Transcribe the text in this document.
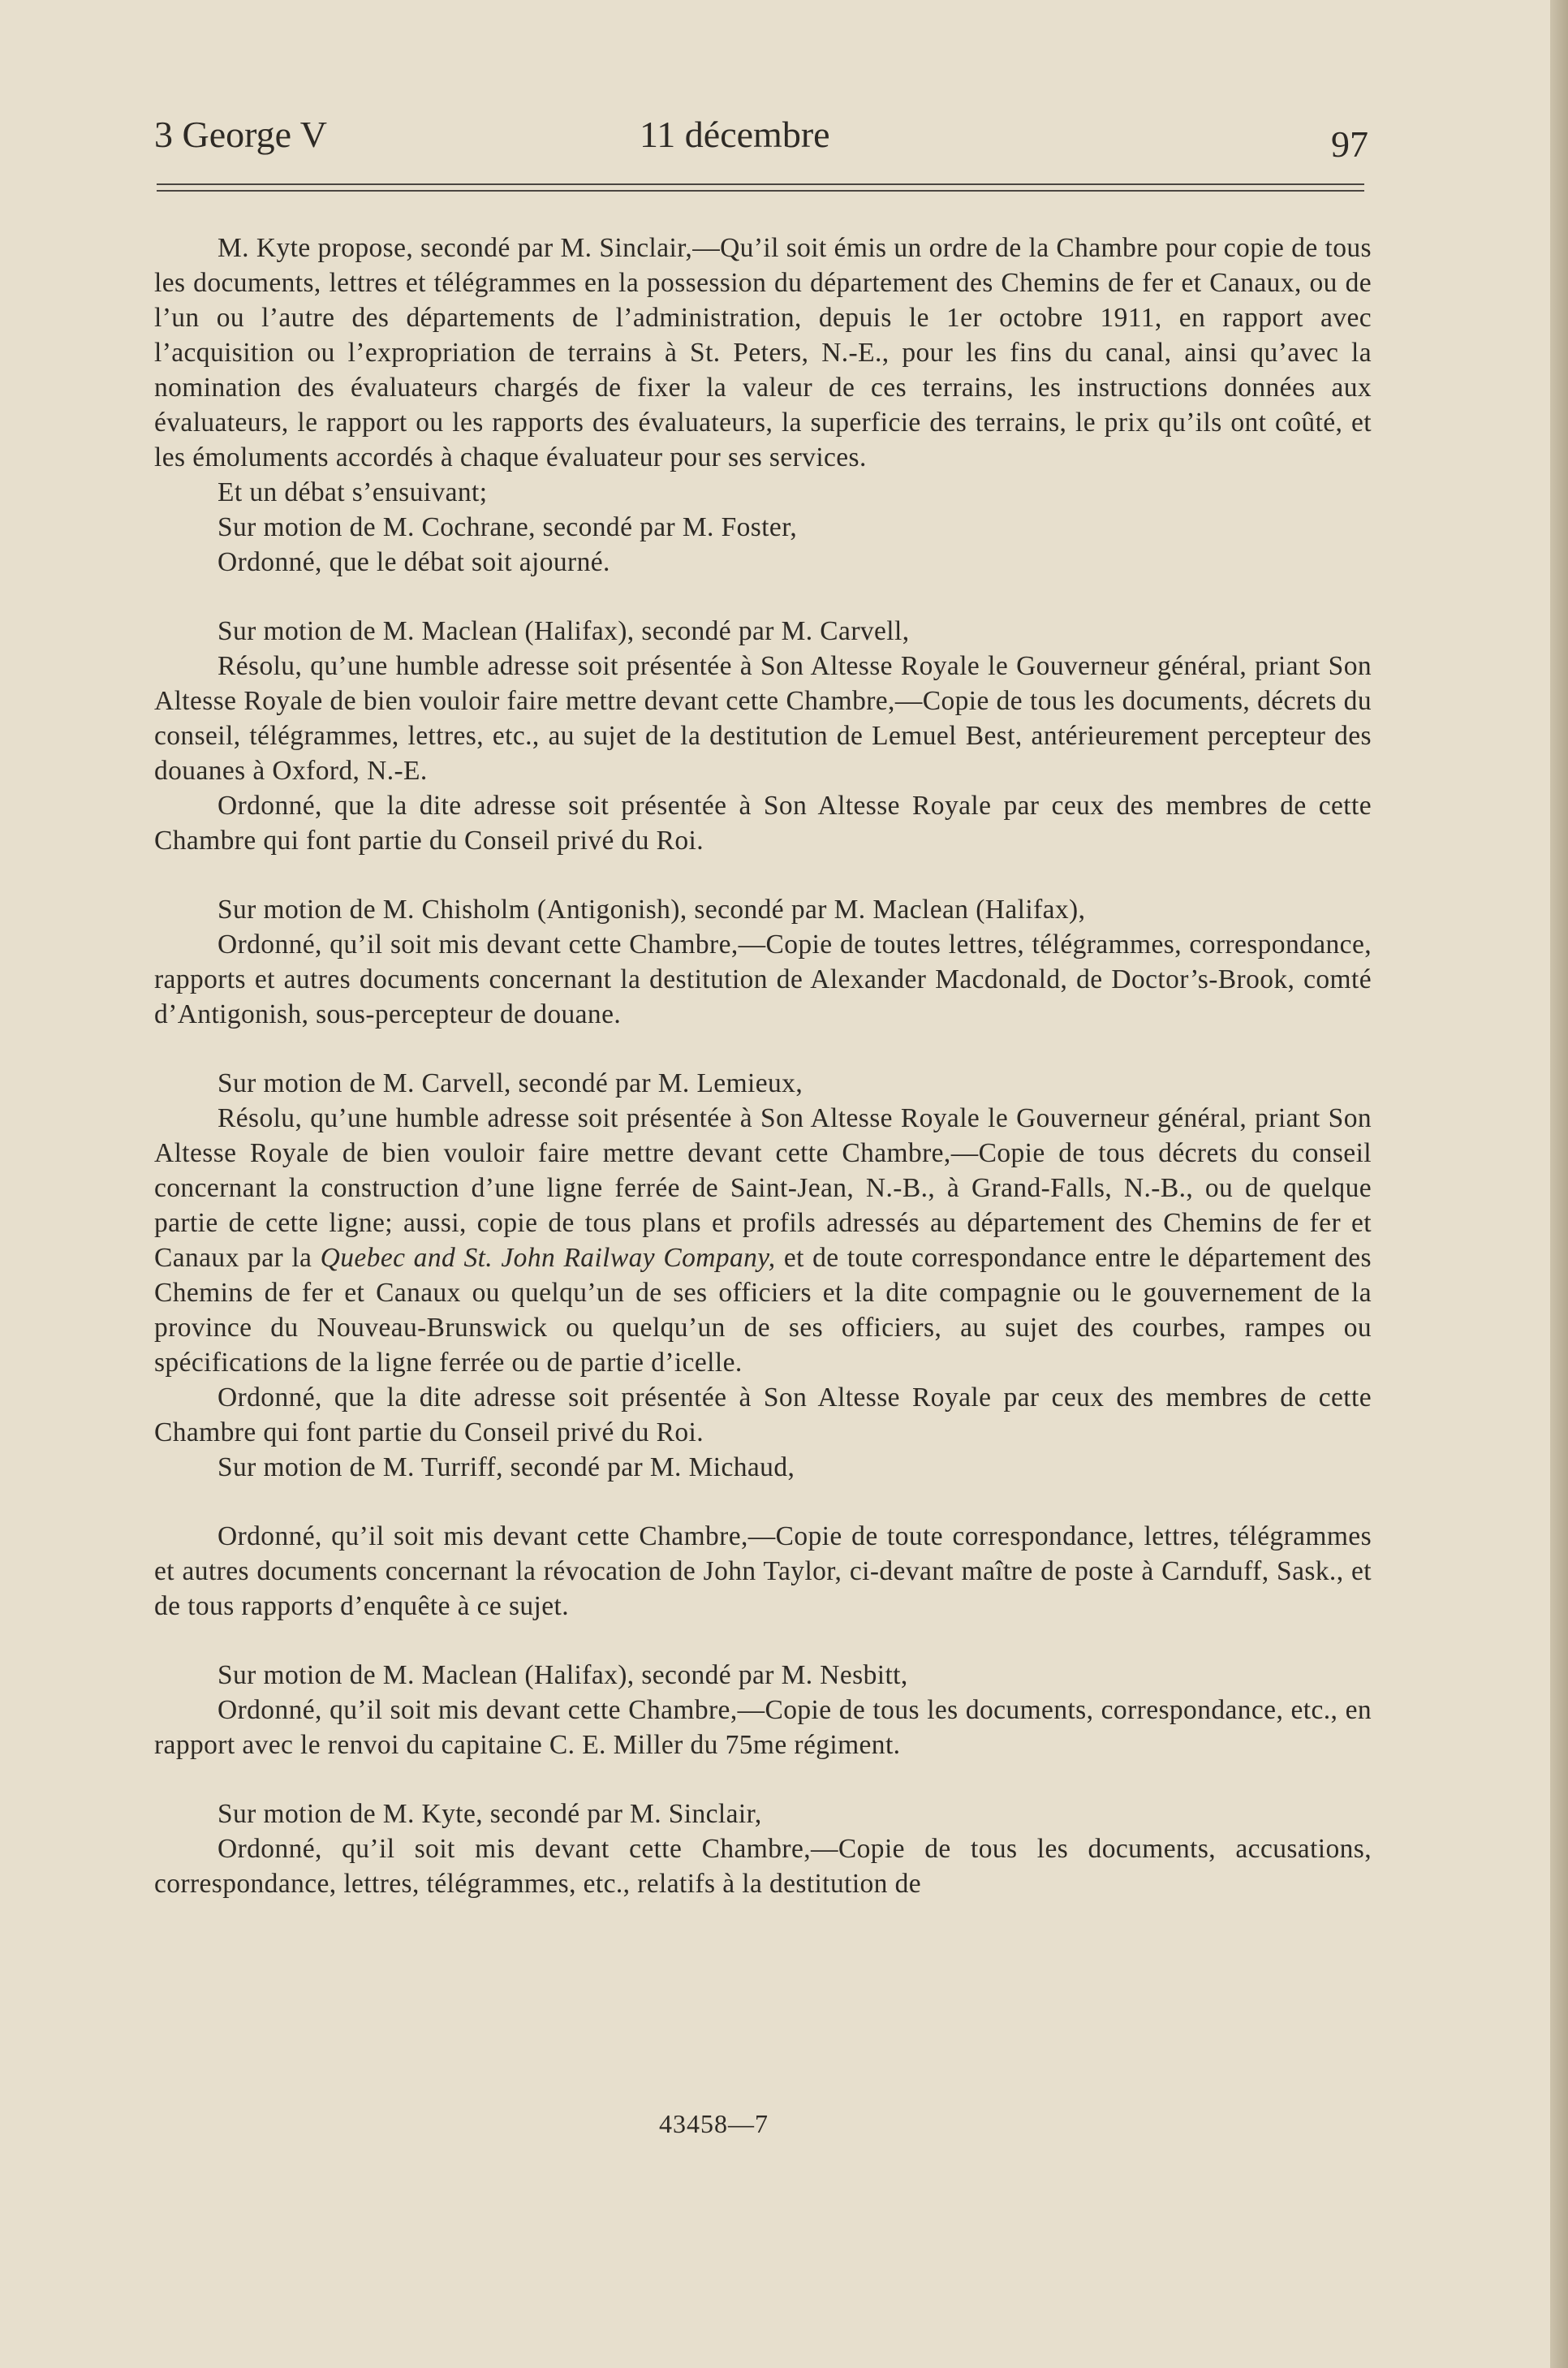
3 George V	11 décembre	97

M. Kyte propose, secondé par M. Sinclair,—Qu’il soit émis un ordre de la Chambre pour copie de tous les documents, lettres et télégrammes en la possession du département des Chemins de fer et Canaux, ou de l’un ou l’autre des départements de l’administration, depuis le 1er octobre 1911, en rapport avec l’acquisition ou l’expropriation de terrains à St. Peters, N.-E., pour les fins du canal, ainsi qu’avec la nomination des évaluateurs chargés de fixer la valeur de ces terrains, les instructions données aux évaluateurs, le rapport ou les rapports des évaluateurs, la superficie des terrains, le prix qu’ils ont coûté, et les émoluments accordés à chaque évaluateur pour ses services.

Et un débat s’ensuivant;

Sur motion de M. Cochrane, secondé par M. Foster,

Ordonné, que le débat soit ajourné.

Sur motion de M. Maclean (Halifax), secondé par M. Carvell,

Résolu, qu’une humble adresse soit présentée à Son Altesse Royale le Gouverneur général, priant Son Altesse Royale de bien vouloir faire mettre devant cette Chambre,—Copie de tous les documents, décrets du conseil, télégrammes, lettres, etc., au sujet de la destitution de Lemuel Best, antérieurement percepteur des douanes à Oxford, N.-E.

Ordonné, que la dite adresse soit présentée à Son Altesse Royale par ceux des membres de cette Chambre qui font partie du Conseil privé du Roi.

Sur motion de M. Chisholm (Antigonish), secondé par M. Maclean (Halifax),

Ordonné, qu’il soit mis devant cette Chambre,—Copie de toutes lettres, télégrammes, correspondance, rapports et autres documents concernant la destitution de Alexander Macdonald, de Doctor’s-Brook, comté d’Antigonish, sous-percepteur de douane.

Sur motion de M. Carvell, secondé par M. Lemieux,

Résolu, qu’une humble adresse soit présentée à Son Altesse Royale le Gouverneur général, priant Son Altesse Royale de bien vouloir faire mettre devant cette Chambre,—Copie de tous décrets du conseil concernant la construction d’une ligne ferrée de Saint-Jean, N.-B., à Grand-Falls, N.-B., ou de quelque partie de cette ligne; aussi, copie de tous plans et profils adressés au département des Chemins de fer et Canaux par la Quebec and St. John Railway Company, et de toute correspondance entre le département des Chemins de fer et Canaux ou quelqu’un de ses officiers et la dite compagnie ou le gouvernement de la province du Nouveau-Brunswick ou quelqu’un de ses officiers, au sujet des courbes, rampes ou spécifications de la ligne ferrée ou de partie d’icelle.

Ordonné, que la dite adresse soit présentée à Son Altesse Royale par ceux des membres de cette Chambre qui font partie du Conseil privé du Roi.

Sur motion de M. Turriff, secondé par M. Michaud,

Ordonné, qu’il soit mis devant cette Chambre,—Copie de toute correspondance, lettres, télégrammes et autres documents concernant la révocation de John Taylor, ci-devant maître de poste à Carnduff, Sask., et de tous rapports d’enquête à ce sujet.

Sur motion de M. Maclean (Halifax), secondé par M. Nesbitt,

Ordonné, qu’il soit mis devant cette Chambre,—Copie de tous les documents, correspondance, etc., en rapport avec le renvoi du capitaine C. E. Miller du 75me régiment.

Sur motion de M. Kyte, secondé par M. Sinclair,

Ordonné, qu’il soit mis devant cette Chambre,—Copie de tous les documents, accusations, correspondance, lettres, télégrammes, etc., relatifs à la destitution de

43458—7
